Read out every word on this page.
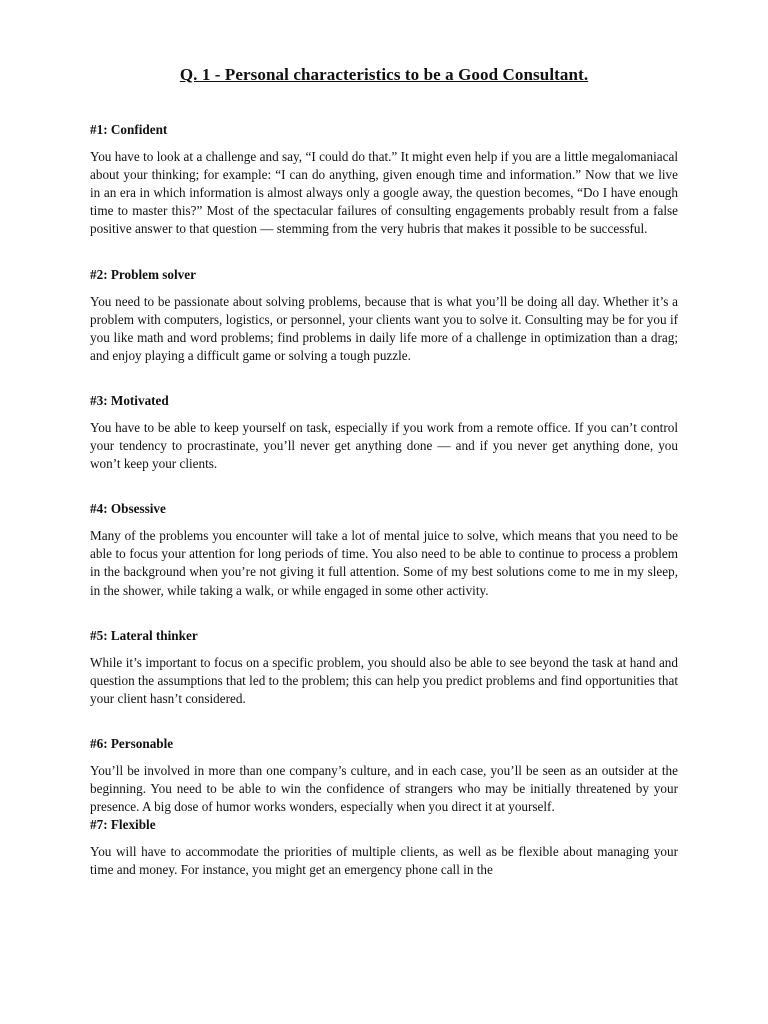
Q. 1 - Personal characteristics to be a Good Consultant.
#1: Confident

You have to look at a challenge and say, “I could do that.” It might even help if you are a little megalomaniacal about your thinking; for example: “I can do anything, given enough time and information.” Now that we live in an era in which information is almost always only a google away, the question becomes, “Do I have enough time to master this?” Most of the spectacular failures of consulting engagements probably result from a false positive answer to that question — stemming from the very hubris that makes it possible to be successful.

#2: Problem solver

You need to be passionate about solving problems, because that is what you’ll be doing all day. Whether it’s a problem with computers, logistics, or personnel, your clients want you to solve it. Consulting may be for you if you like math and word problems; find problems in daily life more of a challenge in optimization than a drag; and enjoy playing a difficult game or solving a tough puzzle.

#3: Motivated

You have to be able to keep yourself on task, especially if you work from a remote office. If you can’t control your tendency to procrastinate, you’ll never get anything done — and if you never get anything done, you won’t keep your clients.

#4: Obsessive

Many of the problems you encounter will take a lot of mental juice to solve, which means that you need to be able to focus your attention for long periods of time. You also need to be able to continue to process a problem in the background when you’re not giving it full attention. Some of my best solutions come to me in my sleep, in the shower, while taking a walk, or while engaged in some other activity.

#5: Lateral thinker

While it’s important to focus on a specific problem, you should also be able to see beyond the task at hand and question the assumptions that led to the problem; this can help you predict problems and find opportunities that your client hasn’t considered.

#6: Personable

You’ll be involved in more than one company’s culture, and in each case, you’ll be seen as an outsider at the beginning. You need to be able to win the confidence of strangers who may be initially threatened by your presence. A big dose of humor works wonders, especially when you direct it at yourself.

#7: Flexible

You will have to accommodate the priorities of multiple clients, as well as be flexible about managing your time and money. For instance, you might get an emergency phone call in the
